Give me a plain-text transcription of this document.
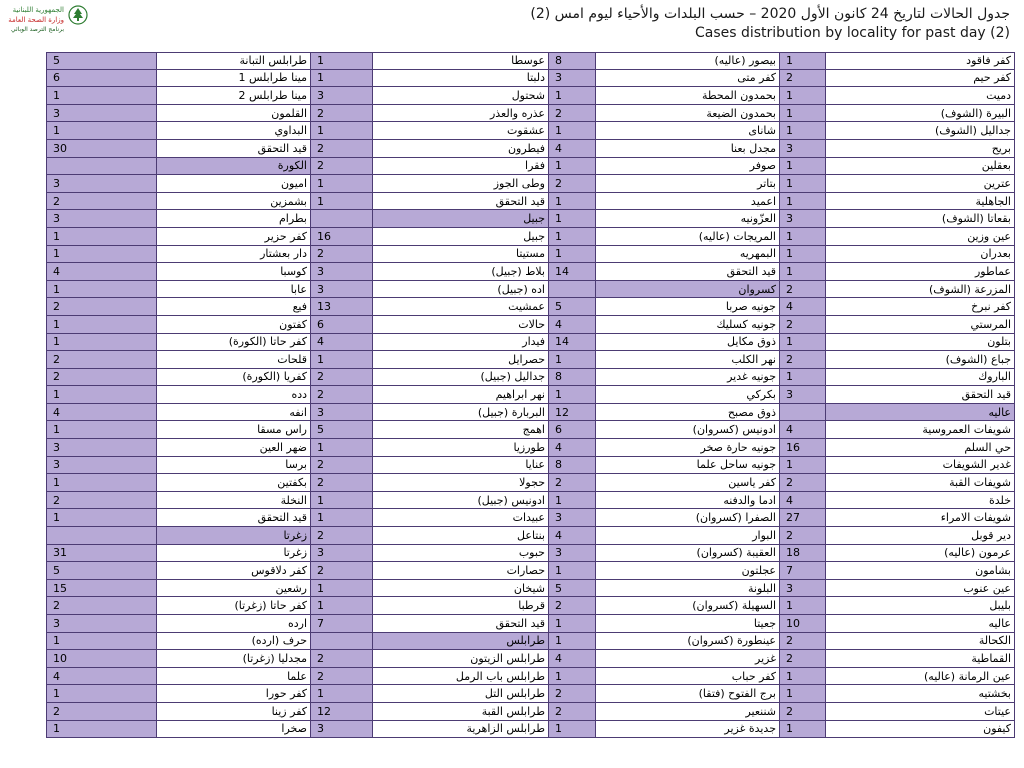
الجمهورية اللبنانية
وزارة الصحة العامة
برنامج الترصد الوبائي
جدول الحالات لتاريخ 24 كانون الأول 2020 – حسب البلدات والأحياء ليوم امس (2)
Cases distribution by locality for past day (2)
كفر فاقود
1
بيصور (عاليه)
8
عوسطا
1
طرابلس التبانة
5
كفر حيم
2
كفر متى
3
دلبتا
1
مينا طرابلس 1
6
دميت
1
بحمدون المحطة
1
شحتول
3
مينا طرابلس 2
1
البيرة (الشوف)
1
بحمدون الضيعة
2
عذره والعذر
2
القلمون
3
جداليل (الشوف)
1
شانای
1
عشقوت
1
البداوي
1
بريح
3
مجدل بعنا
4
فيطرون
2
قيد التحقق
30
بعقلين
1
صوفر
1
فقرا
2
الكورة
عترين
1
بتاتر
2
وطى الجوز
1
اميون
3
الجاهلية
1
اعميد
1
قيد التحقق
1
بشمزين
2
بقعاتا (الشوف)
3
العزّونيه
1
جبيل
بطرام
3
عين وزين
1
المريجات (عاليه)
1
جبيل
16
كفر حزير
1
بعدران
1
البمهريه
1
مستيتا
2
دار بعشتار
1
عماطور
1
قيد التحقق
14
بلاط (جبيل)
3
كوسبا
4
المزرعة (الشوف)
2
كسروان
اده (جبيل)
3
عابا
1
كفر نبرخ
4
جونيه صربا
5
عمشيت
13
فيع
2
المرستي
2
جونيه كسليك
4
حالات
6
كفتون
1
بتلون
1
ذوق مكايل
14
فيدار
4
كفر حاتا (الكورة)
1
جباع (الشوف)
2
نهر الكلب
1
حصرايل
1
قلحات
2
الباروك
1
جونيه غدير
8
جداليل (جبيل)
2
كفريا (الكورة)
2
قيد التحقق
3
بكركي
1
نهر ابراهيم
2
دده
1
عاليه
ذوق مصبح
12
البربارة (جبيل)
3
انفه
4
شويفات العمروسية
4
ادونيس (كسروان)
6
اهمج
5
راس مسقا
1
حي السلم
16
جونيه حارة صخر
4
طورزيا
1
ضهر العين
3
غدير الشويفات
1
جونيه ساحل علما
8
عنايا
2
برسا
3
شويفات القبة
2
كفر ياسين
2
حجولا
2
بكفتين
1
خلدة
4
ادما والدفنه
1
ادونيس (جبيل)
1
النخلة
2
شويفات الامراء
27
الصفرا (كسروان)
3
عبيدات
1
قيد التحقق
1
دير قوبل
2
البوار
4
بنتاعل
2
زغرتا
عرمون (عاليه)
18
العقيبة (كسروان)
3
حبوب
3
زغرتا
31
بشامون
7
عجلتون
1
حصارات
2
كفر دلاقوس
5
عين عنوب
3
البلونة
5
شيخان
1
رشعين
15
بليبل
1
السهيلة (كسروان)
2
قرطبا
1
كفر حاتا (زغرتا)
2
عاليه
10
جعيتا
1
قيد التحقق
7
ارده
3
الكحالة
2
عينطورة (كسروان)
1
طرابلس
حرف (ارده)
1
القماطية
2
غزير
4
طرابلس الزيتون
2
مجدليا (زغرتا)
10
عين الرمانة (عاليه)
1
كفر حباب
1
طرابلس باب الرمل
2
علما
4
بخشتيه
1
برج الفتوح (فتقا)
2
طرابلس التل
1
كفر حورا
1
عيتات
2
شننعير
2
طرابلس القبة
12
كفر زينا
2
كيفون
1
جديدة غزير
1
طرابلس الزاهرية
3
صخرا
1
